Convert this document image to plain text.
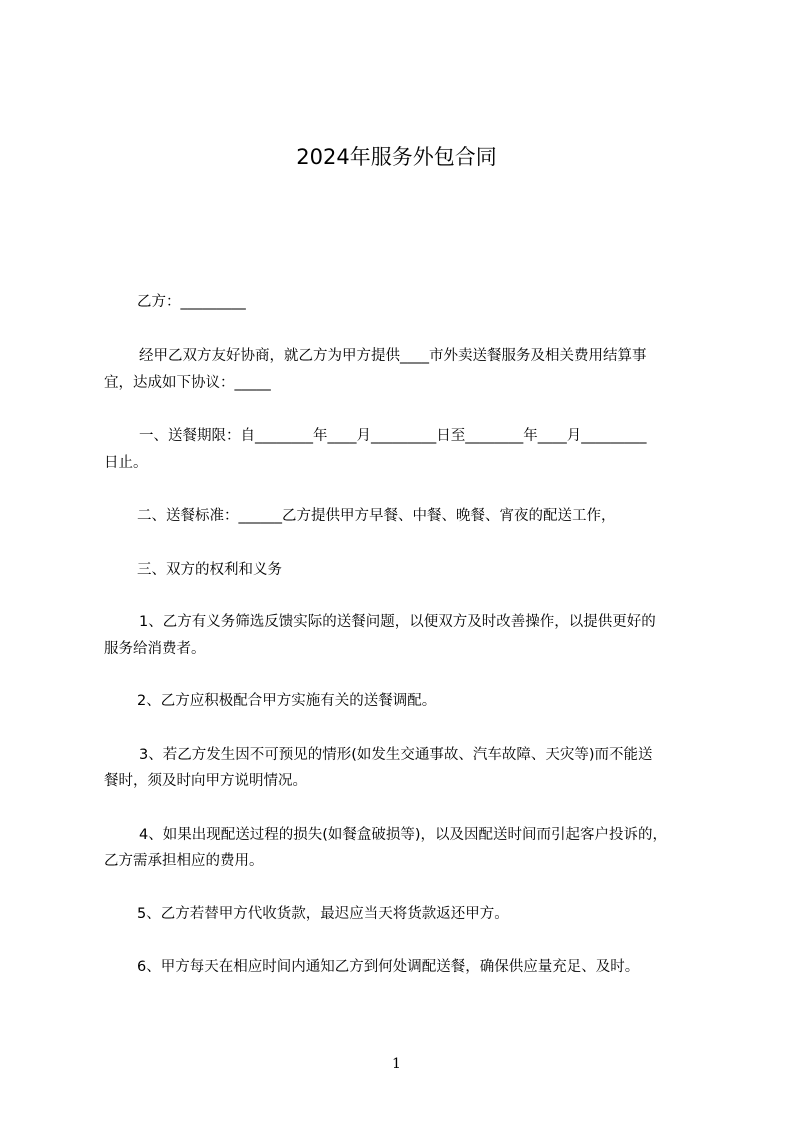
2024年服务外包合同
乙方：_________
经甲乙双方友好协商，就乙方为甲方提供____市外卖送餐服务及相关费用结算事
宜，达成如下协议：_____
一、送餐期限：自________年____月_________日至________年____月_________
日止。
二、送餐标准：______乙方提供甲方早餐、中餐、晚餐、宵夜的配送工作，
三、双方的权利和义务
1、乙方有义务筛选反馈实际的送餐问题，以便双方及时改善操作，以提供更好的
服务给消费者。
2、乙方应积极配合甲方实施有关的送餐调配。
3、若乙方发生因不可预见的情形(如发生交通事故、汽车故障、天灾等)而不能送
餐时，须及时向甲方说明情况。
4、如果出现配送过程的损失(如餐盒破损等)，以及因配送时间而引起客户投诉的，
乙方需承担相应的费用。
5、乙方若替甲方代收货款，最迟应当天将货款返还甲方。
6、甲方每天在相应时间内通知乙方到何处调配送餐，确保供应量充足、及时。
1
